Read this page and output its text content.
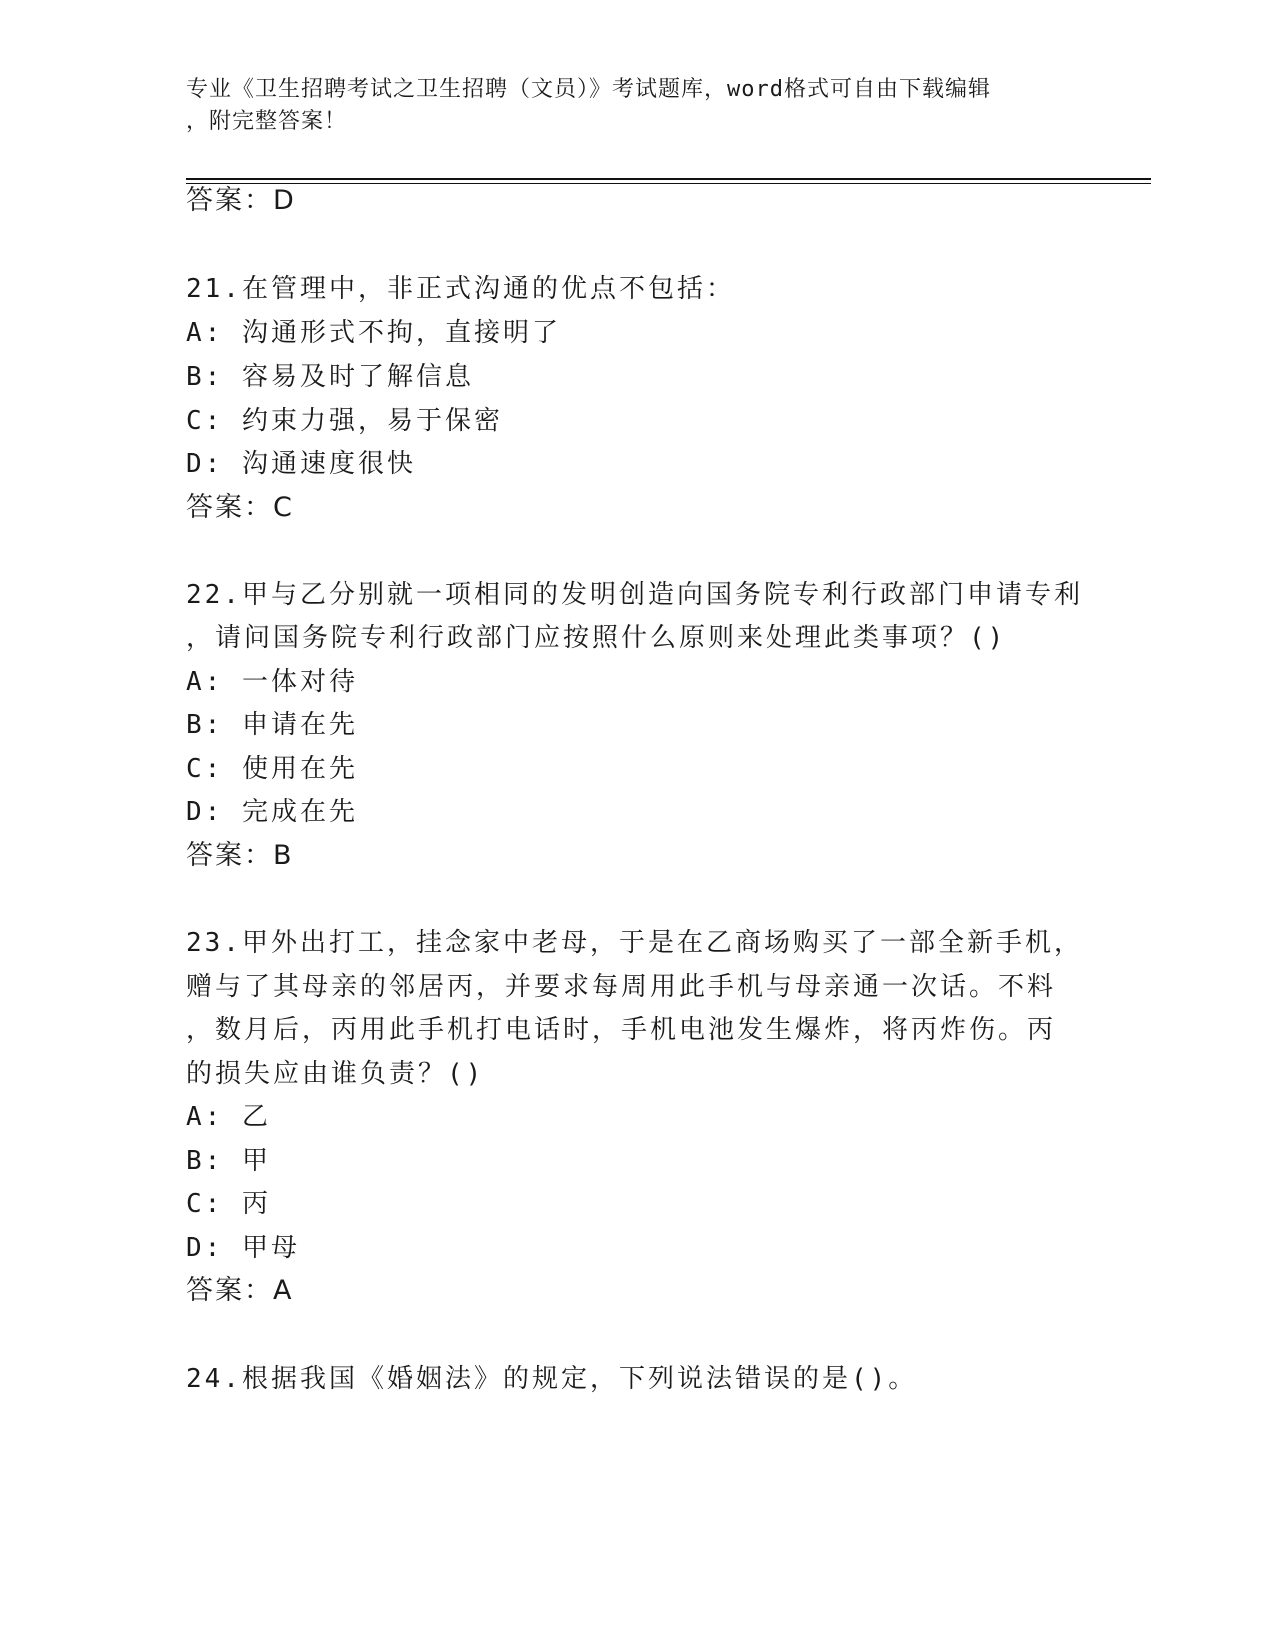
专业《卫生招聘考试之卫生招聘（文员）》考试题库，word格式可自由下载编辑

，附完整答案！

答案：D
21.在管理中，非正式沟通的优点不包括：
A: 沟通形式不拘，直接明了
B: 容易及时了解信息
C: 约束力强，易于保密
D: 沟通速度很快
答案：C
22.甲与乙分别就一项相同的发明创造向国务院专利行政部门申请专利
，请问国务院专利行政部门应按照什么原则来处理此类事项？()
A: 一体对待
B: 申请在先
C: 使用在先
D: 完成在先
答案：B
23.甲外出打工，挂念家中老母，于是在乙商场购买了一部全新手机，
赠与了其母亲的邻居丙，并要求每周用此手机与母亲通一次话。不料
，数月后，丙用此手机打电话时，手机电池发生爆炸，将丙炸伤。丙
的损失应由谁负责？()
A: 乙
B: 甲
C: 丙
D: 甲母
答案：A
24.根据我国《婚姻法》的规定，下列说法错误的是()。
